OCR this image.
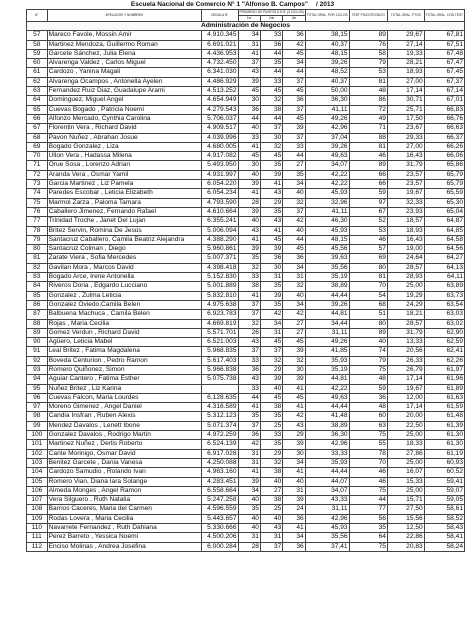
Escuela Nacional de Comercio N° 1 "Alfonso B. Campos" / 2013
N°	APELLIDOS Y NOMBRES	CEDULA N°	PROMEDIO DE PUNTOS E.E.B. (3 CICLOS)			TOTAL GRAL. POR CICLOS	TEST PSICOTECNICO	TOTAL GRAL. PTOS	TOTAL GRAL. CON TEST
			1er	2do	3er				
Administración de Negocios									
57	Mareco Favole, Mossin Amir	4.910.345	34	33	36	38,15	89	29,67	67,81
58	Martinez Mendoza, Guillermo Roman	6.691.021	31	36	42	40,37	76	27,14	67,51
59	Garcete Sánchez, Julia Elena	4.436.953	41	44	45	48,15	58	19,33	67,48
60	Alvarenga Valdez , Carlos Miguel	4.732.450	37	35	34	39,26	79	28,21	67,47
61	Cardozo , Yanina Magali	6.341.030	43	44	44	48,52	53	18,93	67,45
62	Alvarenga Ocampos , Antonella Ayelen	4.486.929	39	33	37	40,37	81	27,00	67,37
63	Fernandez Ruiz Diaz, Guadalupe Arami	4.513.252	45	45	45	50,00	48	17,14	67,14
64	Dominguez, Miguel Angel	4.654.949	30	32	36	36,30	86	30,71	67,01
65	Cuevas Bogado , Patricia Noemi	4.279.543	36	38	37	41,11	72	25,71	66,83
66	Alfonzo Mercado, Cynthia Carolina	5.706.037	44	44	45	49,26	49	17,50	66,76
67	Florentin Vera , Richard David	4.909.517	40	37	39	42,96	71	23,67	66,63
68	Pavon Nuñez , Abrahan Josue	4.039.996	33	30	37	37,04	88	29,33	66,37
69	Bogado Gonzalez , Liza	4.680.005	41	32	33	39,26	81	27,00	66,26
70	Ullon Vera , Hadassa Milena	4.917.082	45	45	44	49,63	46	16,43	66,06
71	Orue Sosa , Lorenzo Adrian	5.493.950	30	35	27	34,07	89	31,79	65,86
72	Aranda Vera , Osmar Yamil	4.931.997	40	39	35	42,22	66	23,57	65,79
73	Garcia Martinez , Liz Pamela	6.054.220	39	41	34	42,22	66	23,57	65,79
74	Paredes Escobar , Leticia Elizabeth	6.054.234	41	43	40	45,93	59	19,67	65,59
75	Marmol Zarza , Paloma Tamara	4.793.590	28	29	32	32,96	97	32,33	65,30
76	Caballero Jimenez, Fernando Rafael	4.610.664	39	35	37	41,11	67	23,93	65,04
77	Trinidad Troche , Janet Del Lujan	6.355.241	40	43	42	46,30	52	18,57	64,87
78	Britez Servin, Romina De Jesús	5.006.094	43	41	40	45,93	53	18,93	64,85
79	Santacruz Caballero, Camila Beatriz Alejandra	4.388.290	41	45	44	48,15	46	16,43	64,58
80	Santacruz Colman , Diego	5.960.861	39	39	45	45,56	57	19,00	64,56
81	Zarate Viera , Sofia Mercedes	5.007.371	35	36	36	39,63	69	24,64	64,27
82	Gavilan Mora , Marcos David	4.398.418	32	30	34	35,56	80	28,57	64,13
83	Bogado Arce, Irene Antonella	5.152.830	33	31	31	35,19	81	28,93	64,11
84	Riveros Doria , Edgardo Lucciano	5.001.889	38	35	32	38,89	70	25,00	63,89
85	Gonzalez , Zulma Leticia	5.832.810	41	39	40	44,44	54	19,29	63,73
86	Gonzalez Oviedo,Camila Belen	4.975.638	37	35	34	39,26	68	24,29	63,54
87	Balbuena Machuca , Camila Belen	6.923.783	37	42	42	44,81	51	18,21	63,03
88	Rojas , Maria Cecilia	4.669.819	32	34	27	34,44	80	28,57	63,02
89	Gomez Verdun , Richard David	5.571.701	26	31	27	31,11	89	31,79	62,90
90	Agüero, Leticia Mabel	6.521.003	43	45	45	49,26	40	13,33	62,59
91	Leal Britez , Fatima Magdalena	5.968.835	37	37	39	41,85	74	20,56	62,41
92	Boveda Centurion , Pedro Ramon	5.617.403	33	32	32	35,93	79	26,33	62,26
93	Romero Quiñonez, Simon	5.966.838	36	29	30	35,19	75	26,79	61,97
94	Aguiar Cantero , Fatima Esther	5.075.738	43	39	39	44,81	48	17,14	61,96
95	Nuñez Britez , Liz Karina		33	40	41	42,22	59	19,67	61,89
96	Cuevas Falcon, Maria Lourdes	6.128.635	44	45	45	49,63	36	12,00	61,63
97	Moreno Gimenez , Angel Daniel	4.316.589	41	38	41	44,44	48	17,14	61,59
98	Candia Insfran , Ruben Alexis	5.312.123	35	35	42	41,48	60	20,00	61,48
99	Mendez Davalos , Lenett Ibone	5.071.374	37	25	43	38,89	63	22,50	61,39
100	Gonzalez Davalos , Rodrigo Martin	4.972.259	36	33	29	36,30	75	25,00	61,30
101	Martinez Nuñez , Derlis Roberto	6.524.139	42	35	39	42,96	55	18,33	61,30
102	Cante Morinigo, Osmar David	6.917.028	31	29	30	33,33	78	27,86	61,19
103	Benitez Garcete , Dania Vanesa	4.250.088	31	32	34	35,93	70	25,00	60,93
104	Cardozo Samudio , Rolando Ivan	4.963.160	41	38	41	44,44	46	16,07	60,52
105	Romero Vian, Diana Iara Solange	4.283.451	39	40	40	44,07	46	15,33	59,41
106	Almeda Monges , Angel Ramon	6.558.664	34	27	31	34,07	75	25,00	59,07
107	Vera Silguero , Ruth Natalia	5.247.258	40	38	39	43,33	44	15,71	59,05
108	Barrios Caceres, Maria del Carmen	4.596.559	35	25	24	31,11	77	27,50	58,61
109	Rodas Lovera , Maria Cecilia	5.443.657	40	40	36	42,96	56	15,56	58,52
110	Navarrete Fernandez , Ruth Dahiana	5.330.666	40	43	41	45,93	35	12,50	58,43
111	Perez Barreto , Yessica Noemi	4.500.206	31	31	34	35,56	64	22,86	58,41
112	Enciso Molinas , Andrea Josefina	6.000.284	28	37	36	37,41	75	20,83	58,24
